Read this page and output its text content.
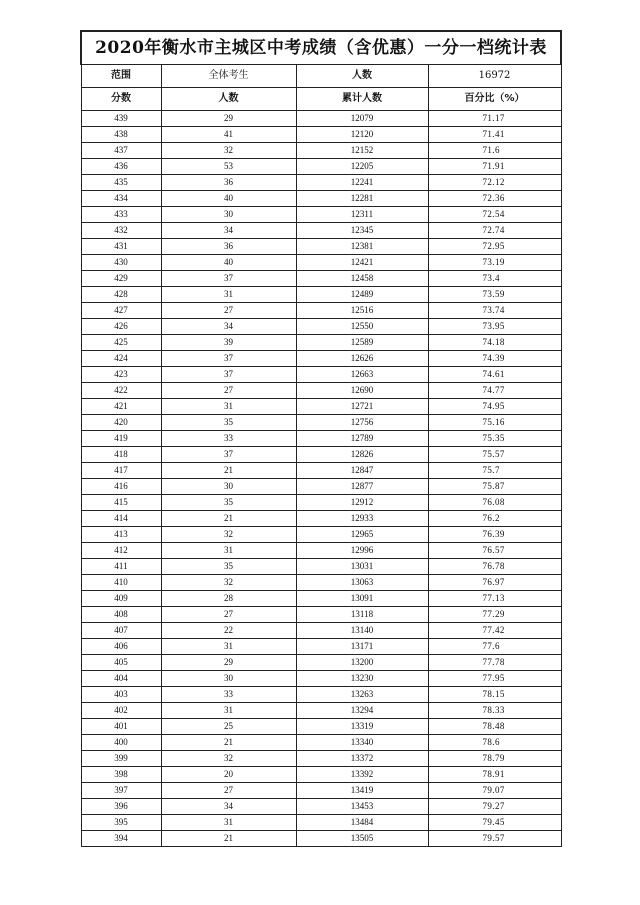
2020年衡水市主城区中考成绩（含优惠）一分一档统计表			
范围	全体考生	人数	16972
分数	人数	累计人数	百分比（%）
439	29	12079	71.17
438	41	12120	71.41
437	32	12152	71.6
436	53	12205	71.91
435	36	12241	72.12
434	40	12281	72.36
433	30	12311	72.54
432	34	12345	72.74
431	36	12381	72.95
430	40	12421	73.19
429	37	12458	73.4
428	31	12489	73.59
427	27	12516	73.74
426	34	12550	73.95
425	39	12589	74.18
424	37	12626	74.39
423	37	12663	74.61
422	27	12690	74.77
421	31	12721	74.95
420	35	12756	75.16
419	33	12789	75.35
418	37	12826	75.57
417	21	12847	75.7
416	30	12877	75.87
415	35	12912	76.08
414	21	12933	76.2
413	32	12965	76.39
412	31	12996	76.57
411	35	13031	76.78
410	32	13063	76.97
409	28	13091	77.13
408	27	13118	77.29
407	22	13140	77.42
406	31	13171	77.6
405	29	13200	77.78
404	30	13230	77.95
403	33	13263	78.15
402	31	13294	78.33
401	25	13319	78.48
400	21	13340	78.6
399	32	13372	78.79
398	20	13392	78.91
397	27	13419	79.07
396	34	13453	79.27
395	31	13484	79.45
394	21	13505	79.57
